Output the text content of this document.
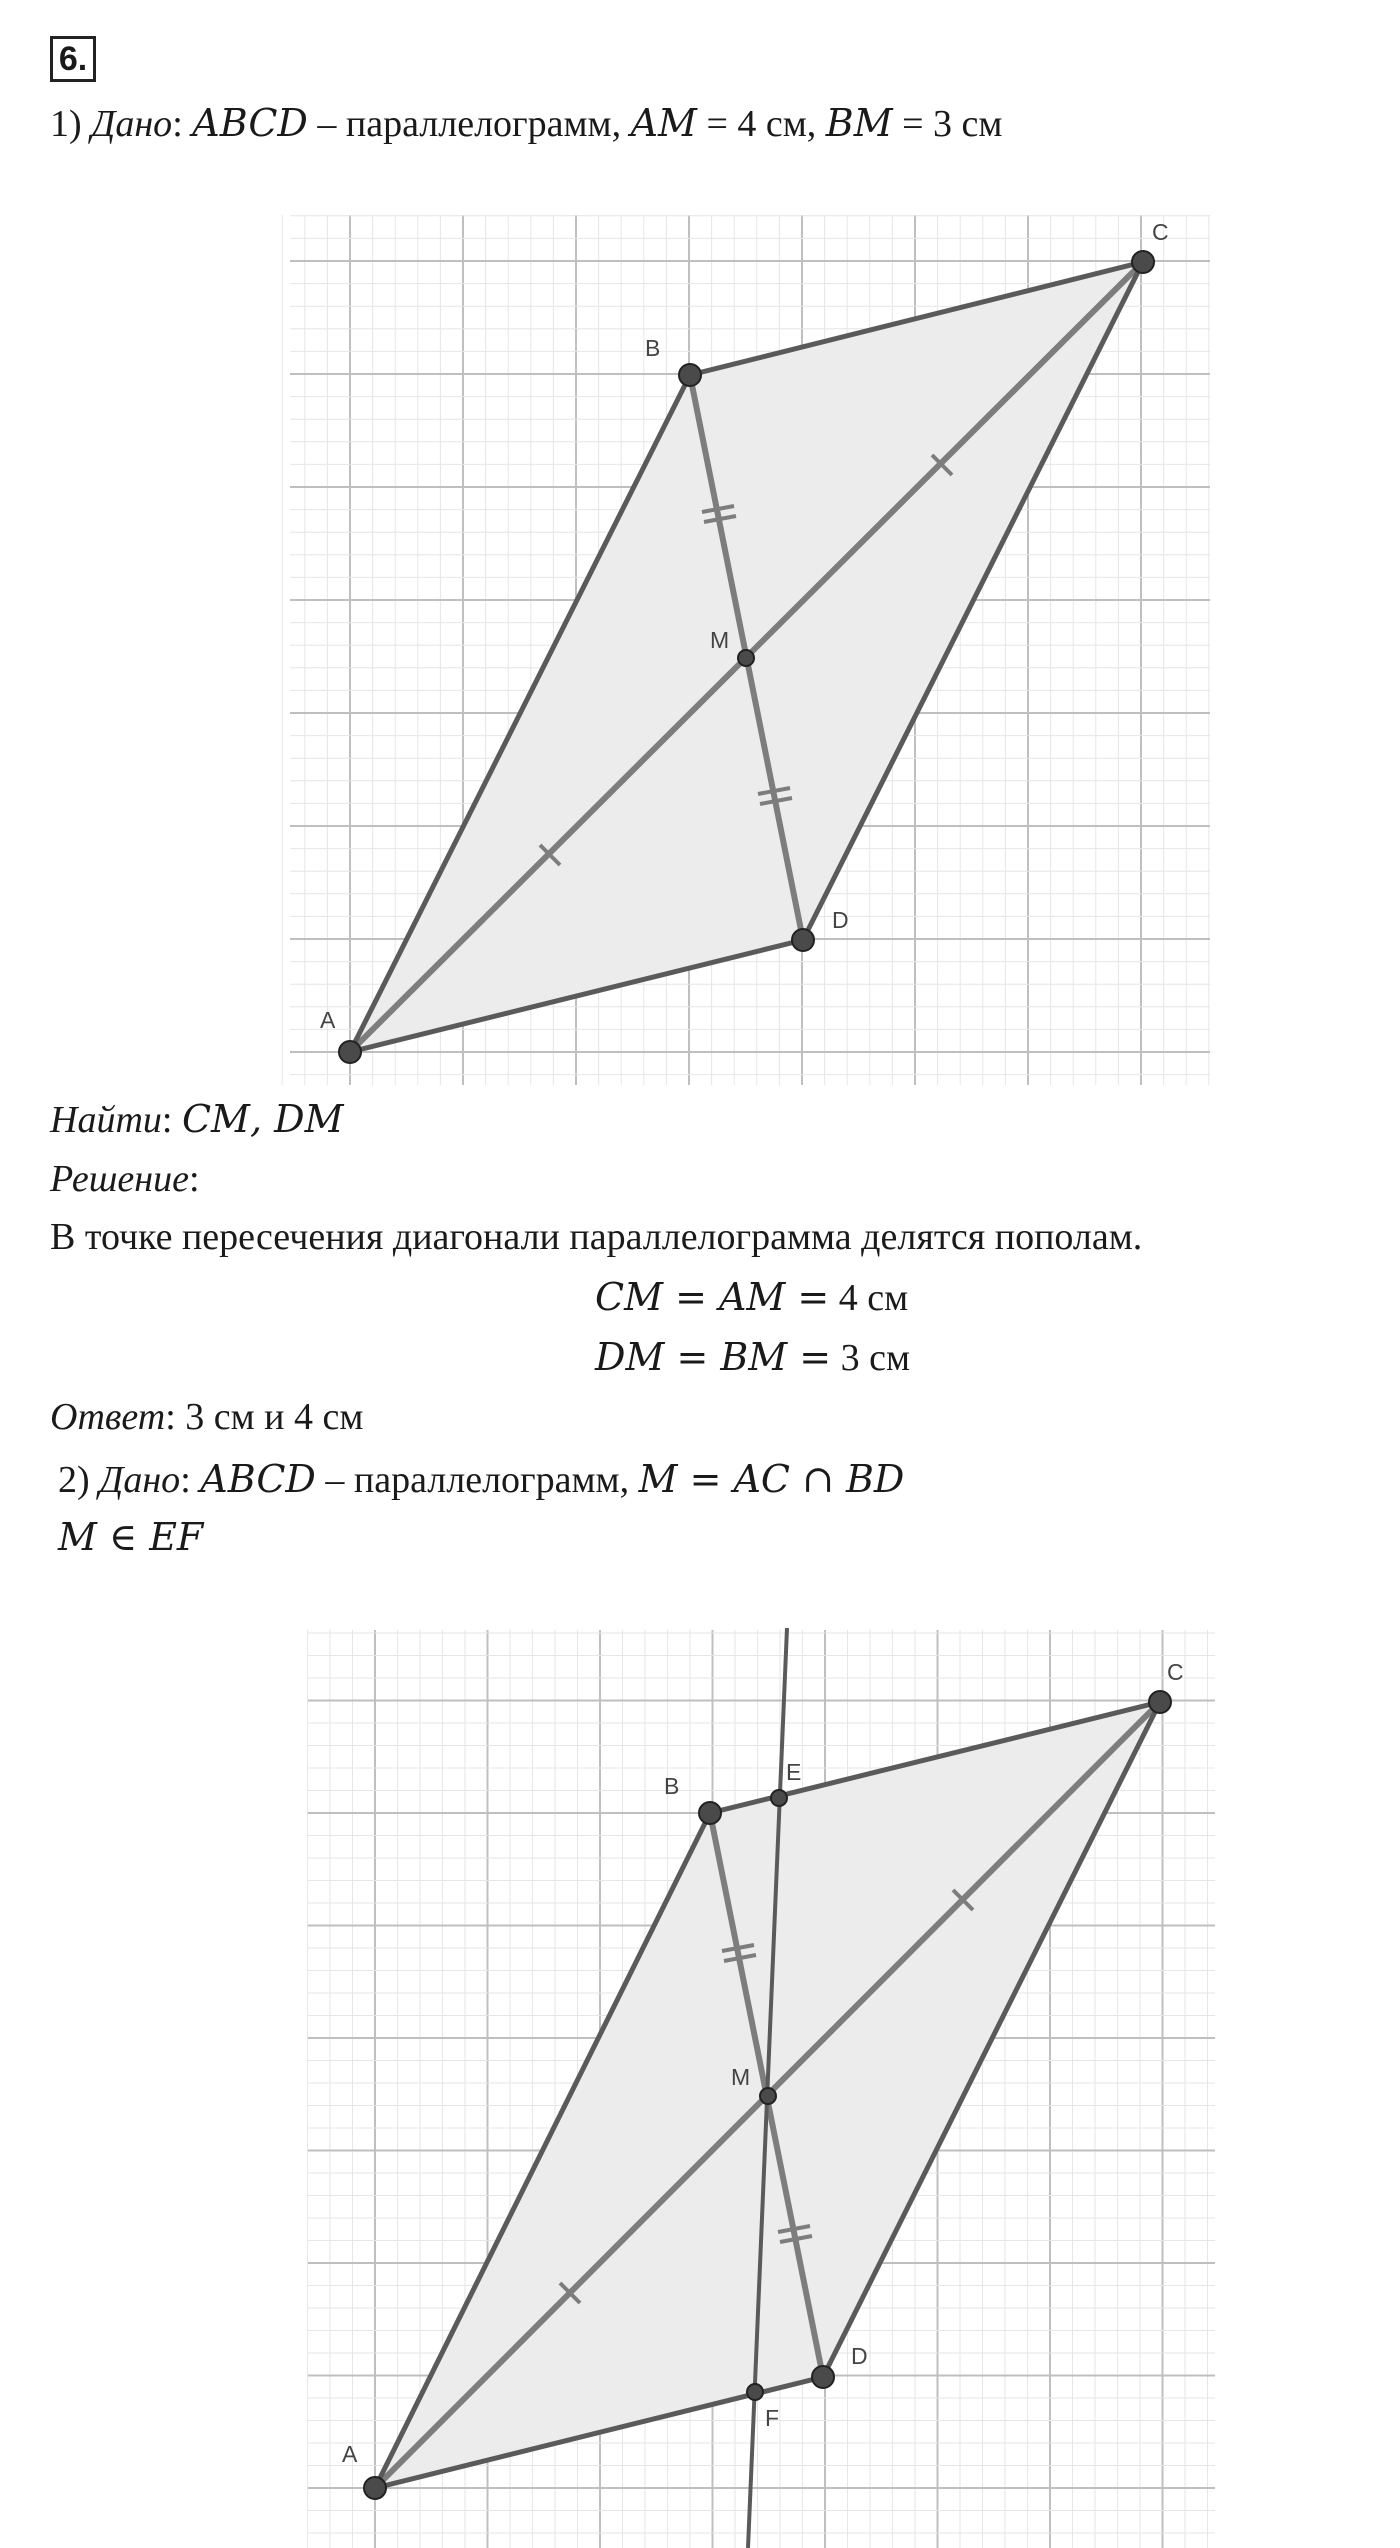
6.
1) Дано: ABCD – параллелограмм, AM = 4 см, BM = 3 см
A
B
C
D
M
Найти: CM, DM
Решение:
В точке пересечения диагонали параллелограмма делятся пополам.
CM = AM = 4 см
DM = BM = 3 см
Ответ: 3 см и 4 см
2) Дано: ABCD – параллелограмм, M = AC ∩ BD
M ∈ EF
A
B
C
D
M
E
F
